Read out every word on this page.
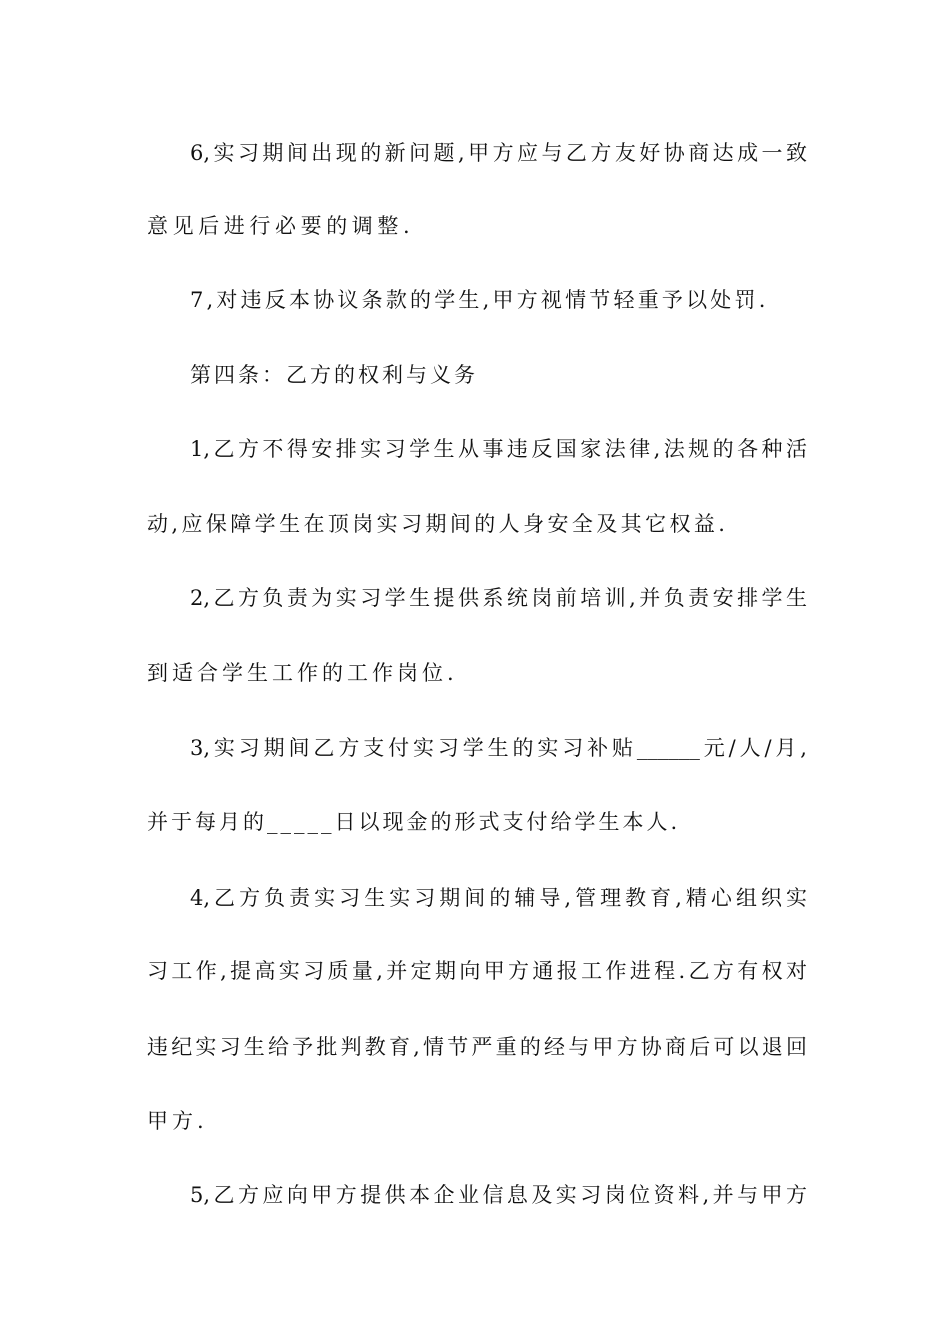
6,实习期间出现的新问题,甲方应与乙方友好协商达成一致
意见后进行必要的调整.
7,对违反本协议条款的学生,甲方视情节轻重予以处罚.
第四条：乙方的权利与义务
1,乙方不得安排实习学生从事违反国家法律,法规的各种活
动,应保障学生在顶岗实习期间的人身安全及其它权益.
2,乙方负责为实习学生提供系统岗前培训,并负责安排学生
到适合学生工作的工作岗位.
3,实习期间乙方支付实习学生的实习补贴______元/人/月,
并于每月的_____日以现金的形式支付给学生本人.
4,乙方负责实习生实习期间的辅导,管理教育,精心组织实
习工作,提高实习质量,并定期向甲方通报工作进程.乙方有权对
违纪实习生给予批判教育,情节严重的经与甲方协商后可以退回
甲方.
5,乙方应向甲方提供本企业信息及实习岗位资料,并与甲方
